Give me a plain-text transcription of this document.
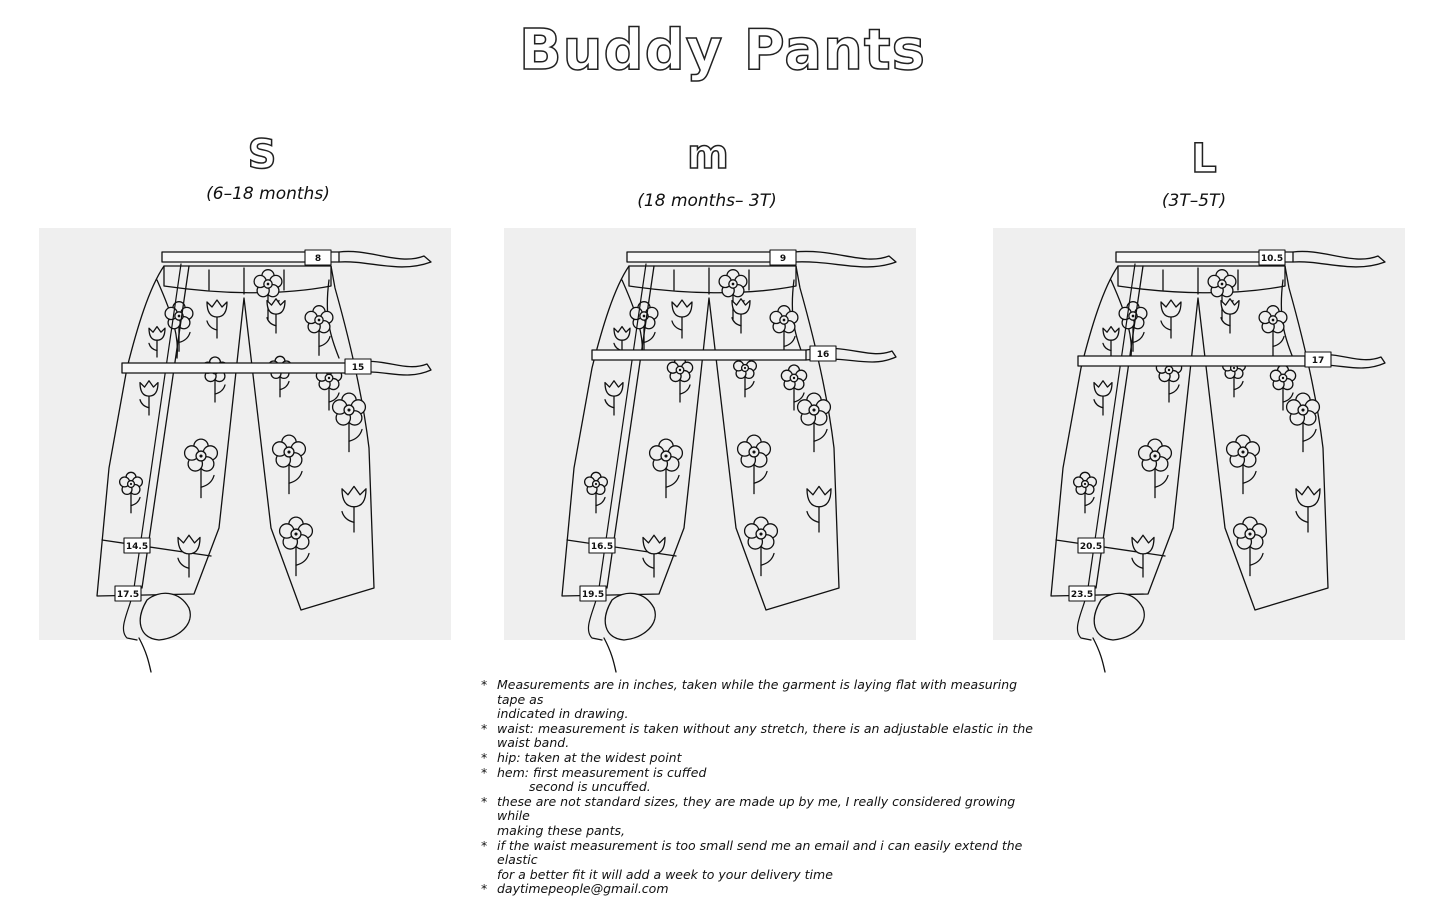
Buddy Pants
S
(6–18 months)
m
(18 months– 3T)
L
(3T–5T)
8
15
14.5
17.5
9
16
16.5
19.5
10.5
17
20.5
23.5
* Measurements are in inches, taken while the garment is laying flat with measuring tape as
indicated in drawing.
* waist: measurement is taken without any stretch, there is an adjustable elastic in the
waist band.
* hip: taken at the widest point
* hem: first measurement is cuffed
second is uncuffed.
* these are not standard sizes, they are made up by me, I really considered growing while
making these pants,
* if the waist measurement is too small send me an email and i can easily extend the elastic
for a better fit it will add a week to your delivery time
* daytimepeople@gmail.com
